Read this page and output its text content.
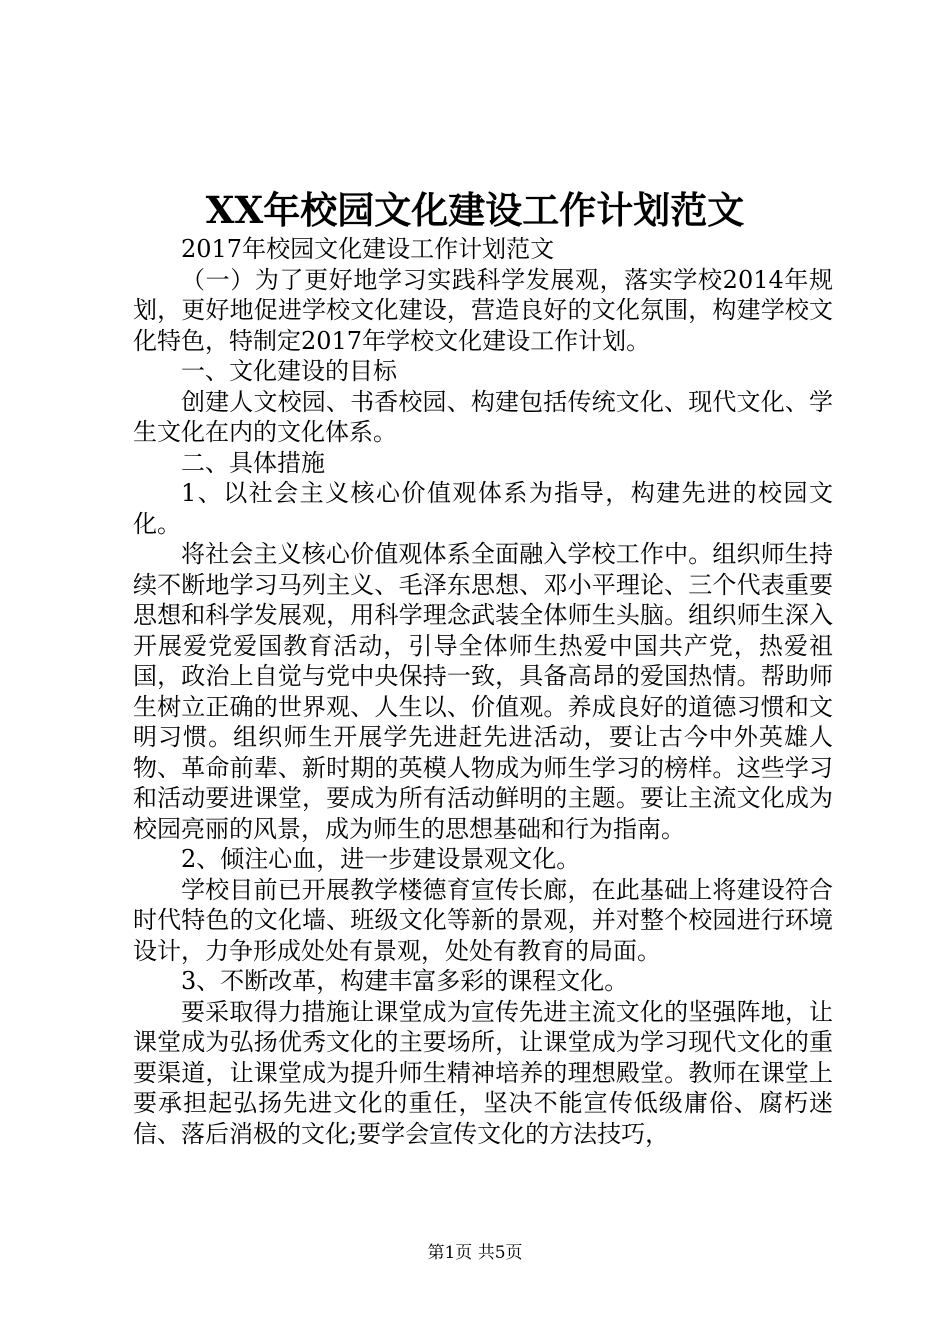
XX年校园文化建设工作计划范文

2017年校园文化建设工作计划范文

（一）为了更好地学习实践科学发展观，落实学校2014年规划，更好地促进学校文化建设，营造良好的文化氛围，构建学校文化特色，特制定2017年学校文化建设工作计划。

一、文化建设的目标

创建人文校园、书香校园、构建包括传统文化、现代文化、学生文化在内的文化体系。

二、具体措施

1、以社会主义核心价值观体系为指导，构建先进的校园文化。

将社会主义核心价值观体系全面融入学校工作中。组织师生持续不断地学习马列主义、毛泽东思想、邓小平理论、三个代表重要思想和科学发展观，用科学理念武装全体师生头脑。组织师生深入开展爱党爱国教育活动，引导全体师生热爱中国共产党，热爱祖国，政治上自觉与党中央保持一致，具备高昂的爱国热情。帮助师生树立正确的世界观、人生以、价值观。养成良好的道德习惯和文明习惯。组织师生开展学先进赶先进活动，要让古今中外英雄人物、革命前辈、新时期的英模人物成为师生学习的榜样。这些学习和活动要进课堂，要成为所有活动鲜明的主题。要让主流文化成为校园亮丽的风景，成为师生的思想基础和行为指南。

2、倾注心血，进一步建设景观文化。

学校目前已开展教学楼德育宣传长廊，在此基础上将建设符合时代特色的文化墙、班级文化等新的景观，并对整个校园进行环境设计，力争形成处处有景观，处处有教育的局面。

3、不断改革，构建丰富多彩的课程文化。

要采取得力措施让课堂成为宣传先进主流文化的坚强阵地，让课堂成为弘扬优秀文化的主要场所，让课堂成为学习现代文化的重要渠道，让课堂成为提升师生精神培养的理想殿堂。教师在课堂上要承担起弘扬先进文化的重任，坚决不能宣传低级庸俗、腐朽迷信、落后消极的文化;要学会宣传文化的方法技巧，

第1页 共5页
